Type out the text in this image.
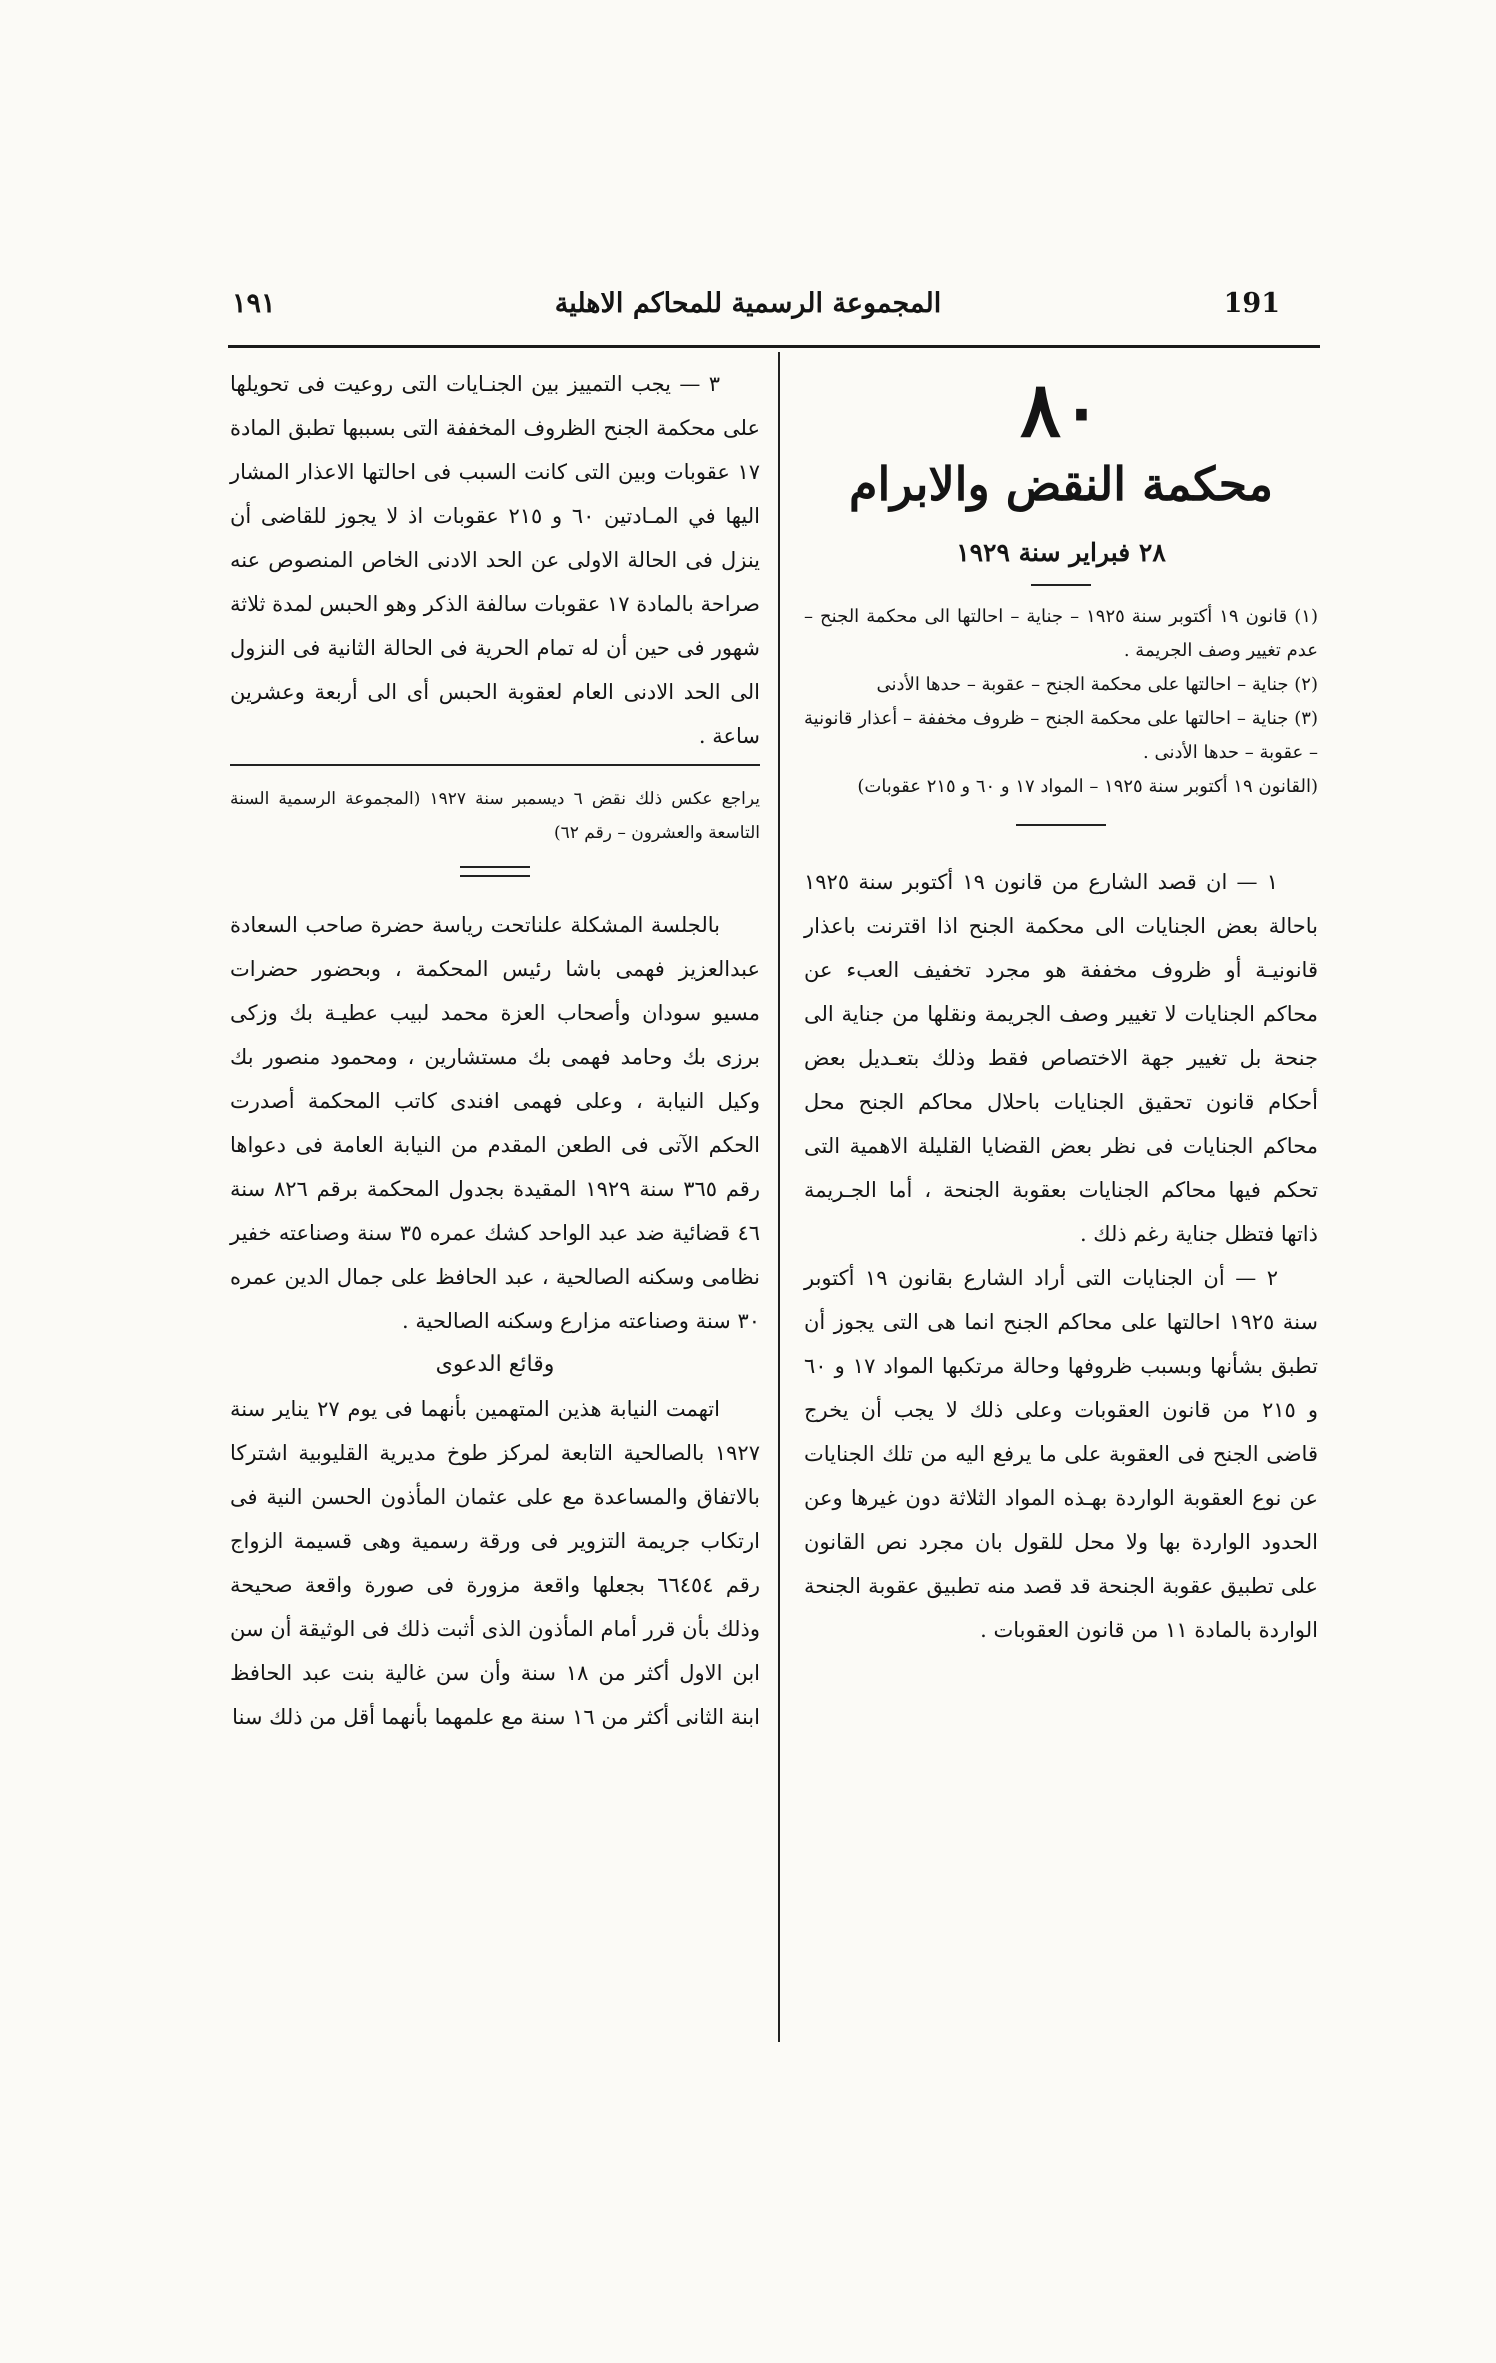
١٩١	المجموعة الرسمية للمحاكم الاهلية	191
٨٠
محكمة النقض والابرام
٢٨ فبراير سنة ١٩٢٩

(١) قانون ١٩ أكتوبر سنة ١٩٢٥ – جناية – احالتها الى محكمة الجنح – عدم تغيير وصف الجريمة .

(٢) جناية – احالتها على محكمة الجنح – عقوبة – حدها الأدنى

(٣) جناية – احالتها على محكمة الجنح – ظروف مخففة – أعذار قانونية – عقوبة – حدها الأدنى .

(القانون ١٩ أكتوبر سنة ١٩٢٥ – المواد ١٧ و ٦٠ و ٢١٥ عقوبات)

١ — ان قصد الشارع من قانون ١٩ أكتوبر سنة ١٩٢٥ باحالة بعض الجنايات الى محكمة الجنح اذا اقترنت باعذار قانونيـة أو ظروف مخففة هو مجرد تخفيف العبء عن محاكم الجنايات لا تغيير وصف الجريمة ونقلها من جناية الى جنحة بل تغيير جهة الاختصاص فقط وذلك بتعـديل بعض أحكام قانون تحقيق الجنايات باحلال محاكم الجنح محل محاكم الجنايات فى نظر بعض القضايا القليلة الاهمية التى تحكم فيها محاكم الجنايات بعقوبة الجنحة ، أما الجـريمة ذاتها فتظل جناية رغم ذلك .

٢ — أن الجنايات التى أراد الشارع بقانون ١٩ أكتوبر سنة ١٩٢٥ احالتها على محاكم الجنح انما هى التى يجوز أن تطبق بشأنها وبسبب ظروفها وحالة مرتكبها المواد ١٧ و ٦٠ و ٢١٥ من قانون العقوبات وعلى ذلك لا يجب أن يخرج قاضى الجنح فى العقوبة على ما يرفع اليه من تلك الجنايات عن نوع العقوبة الواردة بهـذه المواد الثلاثة دون غيرها وعن الحدود الواردة بها ولا محل للقول بان مجرد نص القانون على تطبيق عقوبة الجنحة قد قصد منه تطبيق عقوبة الجنحة الواردة بالمادة ١١ من قانون العقوبات .

٣ — يجب التمييز بين الجنـايات التى روعيت فى تحويلها على محكمة الجنح الظروف المخففة التى بسببها تطبق المادة ١٧ عقوبات وبين التى كانت السبب فى احالتها الاعذار المشار اليها في المـادتين ٦٠ و ٢١٥ عقوبات اذ لا يجوز للقاضى أن ينزل فى الحالة الاولى عن الحد الادنى الخاص المنصوص عنه صراحة بالمادة ١٧ عقوبات سالفة الذكر وهو الحبس لمدة ثلاثة شهور فى حين أن له تمام الحرية فى الحالة الثانية فى النزول الى الحد الادنى العام لعقوبة الحبس أى الى أربعة وعشرين ساعة .

يراجع عكس ذلك نقض ٦ ديسمبر سنة ١٩٢٧ (المجموعة الرسمية السنة التاسعة والعشرون – رقم ٦٢)

بالجلسة المشكلة علناتحت رياسة حضرة صاحب السعادة عبدالعزيز فهمى باشا رئيس المحكمة ، وبحضور حضرات مسيو سودان وأصحاب العزة محمد لبيب عطيـة بك وزكى برزى بك وحامد فهمى بك مستشارين ، ومحمود منصور بك وكيل النيابة ، وعلى فهمى افندى كاتب المحكمة أصدرت الحكم الآتى فى الطعن المقدم من النيابة العامة فى دعواها رقم ٣٦٥ سنة ١٩٢٩ المقيدة بجدول المحكمة برقم ٨٢٦ سنة ٤٦ قضائية ضد عبد الواحد كشك عمره ٣٥ سنة وصناعته خفير نظامى وسكنه الصالحية ، عبد الحافظ على جمال الدين عمره ٣٠ سنة وصناعته مزارع وسكنه الصالحية .

وقائع الدعوى

اتهمت النيابة هذين المتهمين بأنهما فى يوم ٢٧ يناير سنة ١٩٢٧ بالصالحية التابعة لمركز طوخ مديرية القليوبية اشتركا بالاتفاق والمساعدة مع على عثمان المأذون الحسن النية فى ارتكاب جريمة التزوير فى ورقة رسمية وهى قسيمة الزواج رقم ٦٦٤٥٤ بجعلها واقعة مزورة فى صورة واقعة صحيحة وذلك بأن قرر أمام المأذون الذى أثبت ذلك فى الوثيقة أن سن ابن الاول أكثر من ١٨ سنة وأن سن غالية بنت عبد الحافظ ابنة الثانى أكثر من ١٦ سنة مع علمهما بأنهما أقل من ذلك سنا
